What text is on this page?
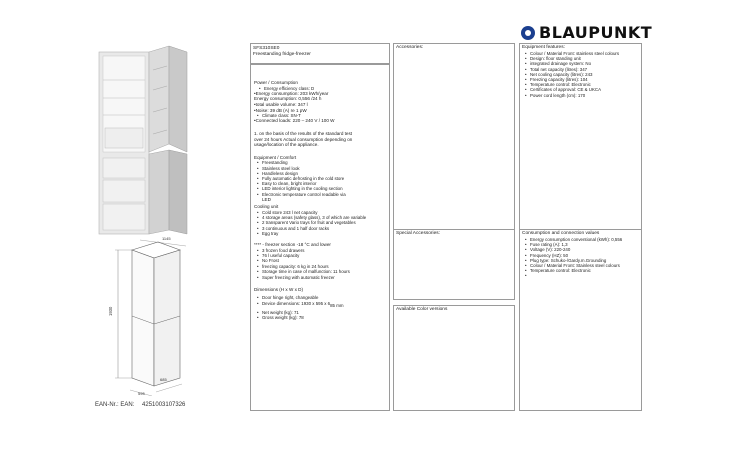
1930
1145
595
685
EAN-Nr.: EAN: 4251003107326
SFS310SE0
Freestanding fridge-freezer
Power / Consumption
• Energy efficiency class: D
•Energy consumption: 203 kWh/year
Energy consumption: 0,556 /24 h
•total usable volume: 347 l
•Noise: 39 dB (A) re 1 pW
• Climate class: SN-T
•Connected loads: 220 – 240 V / 100 W
1. on the basis of the results of the standard test
over 24 hours Actual consumption depending on
usage/location of the appliance.
Equipment / Comfort
• Freestanding
• Stainless steel look
• Handleless design
• Fully automatic defrosting in the cold store
• Easy to clean, bright interior
• LED interior lighting in the cooling section
• Electronic temperature control readable via
LED
Cooling unit
• Cold store 243 l net capacity
• 4 storage areas (safety glass), 3 of which are variable
• 2 transparent Vario trays for fruit and vegetables
• 3 continuous and 1 half door racks
• Egg tray
**** - freezer section -18 °C and lower
• 3 frozen food drawers
• 76 l useful capacity
• No Frost
• freezing capacity: 6 kg in 24 hours
• Storage time in case of malfunction: 11 hours
• Super freezing with automatic freezer
Dimensions (H x W x D)
• Door hinge right, changeable
• Device dimensions: 1930 x 595 x 685 mm
• Net weight (kg): 71
• Gross weight (kg): 78
Accessories:
Special Accessories:
Available Color versions
BLAUPUNKT
Equipment features:
• Colour / Material Front: stainless steel colours
• Design: floor standing unit
• integrated drainage system: No
• Total net capacity (litres): 347
• Net cooling capacity (litres): 243
• Freezing capacity (litres): 104
• Temperature control: Electronic
• Certificates of approval: CE & UKCA
• Power cord length (cm): 170
Consumption and connection values
• Energy consumption conventional (kWh): 0,556
• Fuse rating (A): 1,3
• Voltage (V): 220-240
• Frequency (HZ): 50
• Plug type: Schuko-/Gardy.m.Grounding
• Colour / Material Front: Stainless steel colours
• Temperature control: Electronic
